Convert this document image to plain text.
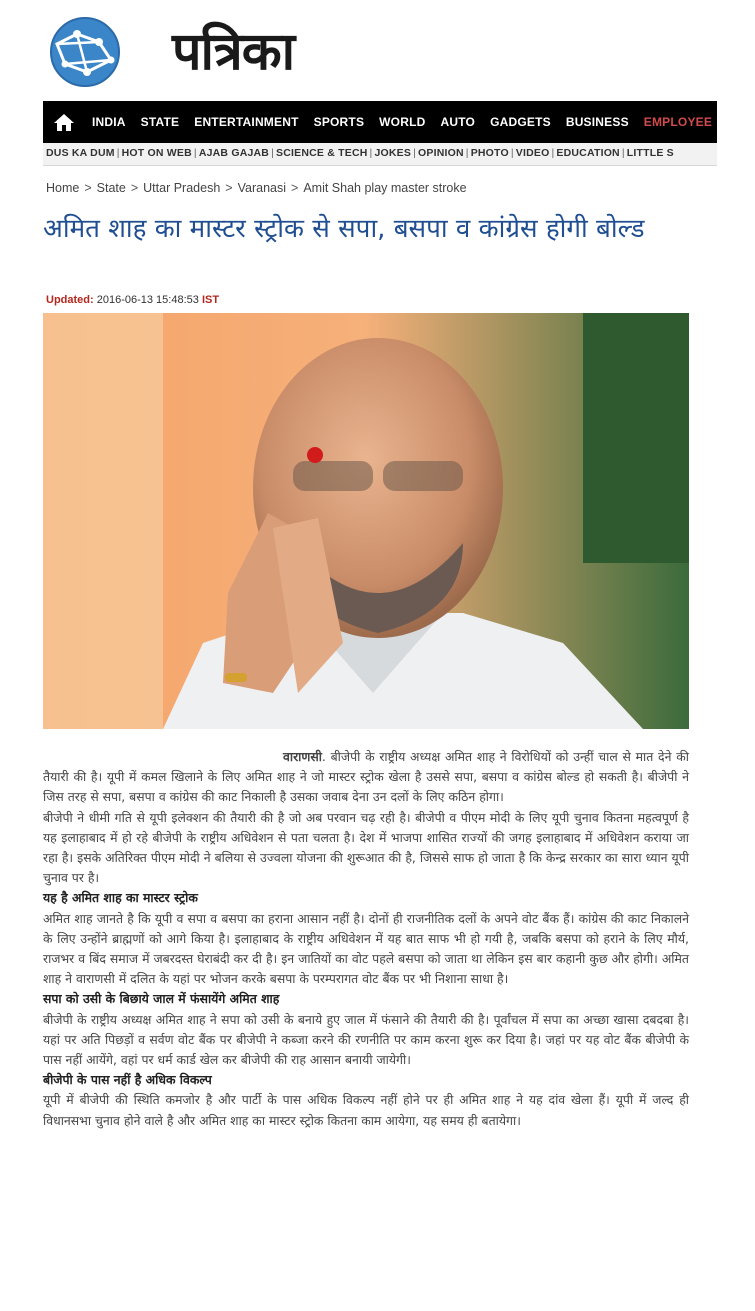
पत्रिका
INDIA STATE ENTERTAINMENT SPORTS WORLD AUTO GADGETS BUSINESS EMPLOYEE
DUS KA DUM | HOT ON WEB | AJAB GAJAB | SCIENCE & TECH | JOKES | OPINION | PHOTO | VIDEO | EDUCATION | LITTLE S
Home > State > Uttar Pradesh > Varanasi > Amit Shah play master stroke
अमित शाह का मास्टर स्ट्रोक से सपा, बसपा व कांग्रेस होगी बोल्ड
Updated: 2016-06-13 15:48:53 IST

वाराणसी. बीजेपी के राष्ट्रीय अध्यक्ष अमित शाह ने विरोधियों को उन्हीं चाल से मात देने की तैयारी की है। यूपी में कमल खिलाने के लिए अमित शाह ने जो मास्टर स्ट्रोक खेला है उससे सपा, बसपा व कांग्रेस बोल्ड हो सकती है। बीजेपी ने जिस तरह से सपा, बसपा व कांग्रेस की काट निकाली है उसका जवाब देना उन दलों के लिए कठिन होगा।

बीजेपी ने धीमी गति से यूपी इलेक्शन की तैयारी की है जो अब परवान चढ़ रही है। बीजेपी व पीएम मोदी के लिए यूपी चुनाव कितना महत्वपूर्ण है यह इलाहाबाद में हो रहे बीजेपी के राष्ट्रीय अधिवेशन से पता चलता है। देश में भाजपा शासित राज्यों की जगह इलाहाबाद में अधिवेशन कराया जा रहा है। इसके अतिरिक्त पीएम मोदी ने बलिया से उज्वला योजना की शुरूआत की है, जिससे साफ हो जाता है कि केन्द्र सरकार का सारा ध्यान यूपी चुनाव पर है।

यह है अमित शाह का मास्टर स्ट्रोक

अमित शाह जानते है कि यूपी व सपा व बसपा का हराना आसान नहीं है। दोनों ही राजनीतिक दलों के अपने वोट बैंक हैं। कांग्रेस की काट निकालने के लिए उन्होंने ब्राह्मणों को आगे किया है। इलाहाबाद के राष्ट्रीय अधिवेशन में यह बात साफ भी हो गयी है, जबकि बसपा को हराने के लिए मौर्य, राजभर व बिंद समाज में जबरदस्त घेराबंदी कर दी है। इन जातियों का वोट पहले बसपा को जाता था लेकिन इस बार कहानी कुछ और होगी। अमित शाह ने वाराणसी में दलित के यहां पर भोजन करके बसपा के परम्परागत वोट बैंक पर भी निशाना साधा है।

सपा को उसी के बिछाये जाल में फंसायेंगे अमित शाह

बीजेपी के राष्ट्रीय अध्यक्ष अमित शाह ने सपा को उसी के बनाये हुए जाल में फंसाने की तैयारी की है। पूर्वांचल में सपा का अच्छा खासा दबदबा है। यहां पर अति पिछड़ों व सर्वण वोट बैंक पर बीजेपी ने कब्जा करने की रणनीति पर काम करना शुरू कर दिया है। जहां पर यह वोट बैंक बीजेपी के पास नहीं आयेंगे, वहां पर धर्म कार्ड खेल कर बीजेपी की राह आसान बनायी जायेगी।

बीजेपी के पास नहीं है अधिक विकल्प

यूपी में बीजेपी की स्थिति कमजोर है और पार्टी के पास अधिक विकल्प नहीं होने पर ही अमित शाह ने यह दांव खेला हैं। यूपी में जल्द ही विधानसभा चुनाव होने वाले है और अमित शाह का मास्टर स्ट्रोक कितना काम आयेगा, यह समय ही बतायेगा।
